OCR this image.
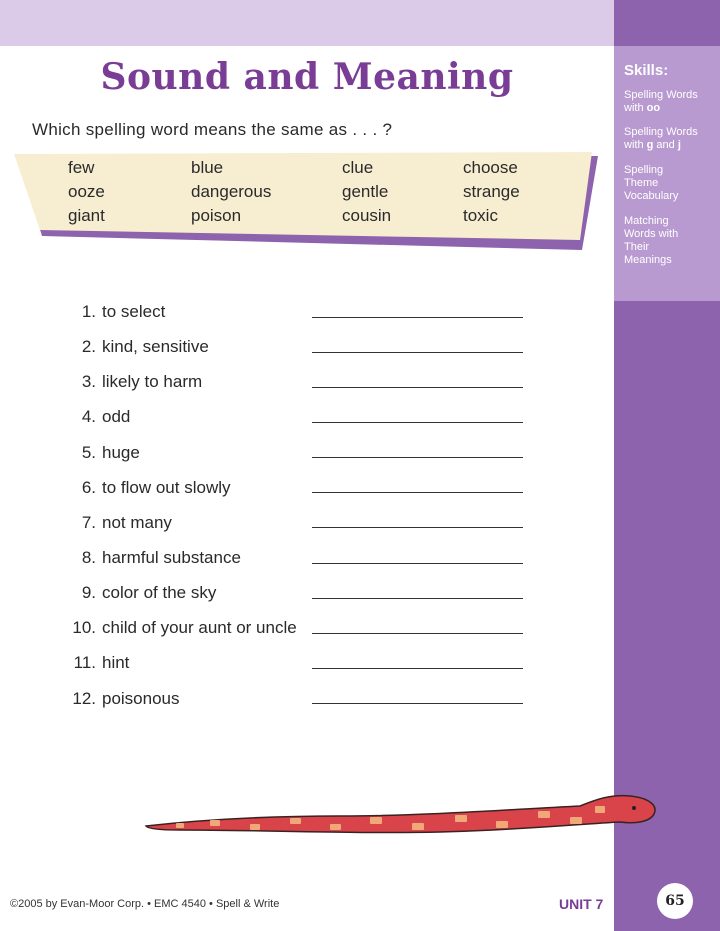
Skills:
Spelling Words with oo
Spelling Words with g and j
Spelling Theme Vocabulary
Matching Words with Their Meanings
Sound and Meaning
Which spelling word means the same as . . . ?
few	blue	clue	choose
ooze	dangerous	gentle	strange
giant	poison	cousin	toxic
1. to select
2. kind, sensitive
3. likely to harm
4. odd
5. huge
6. to flow out slowly
7. not many
8. harmful substance
9. color of the sky
10. child of your aunt or uncle
11. hint
12. poisonous
©2005 by Evan-Moor Corp. • EMC 4540 • Spell & Write	UNIT 7	65
